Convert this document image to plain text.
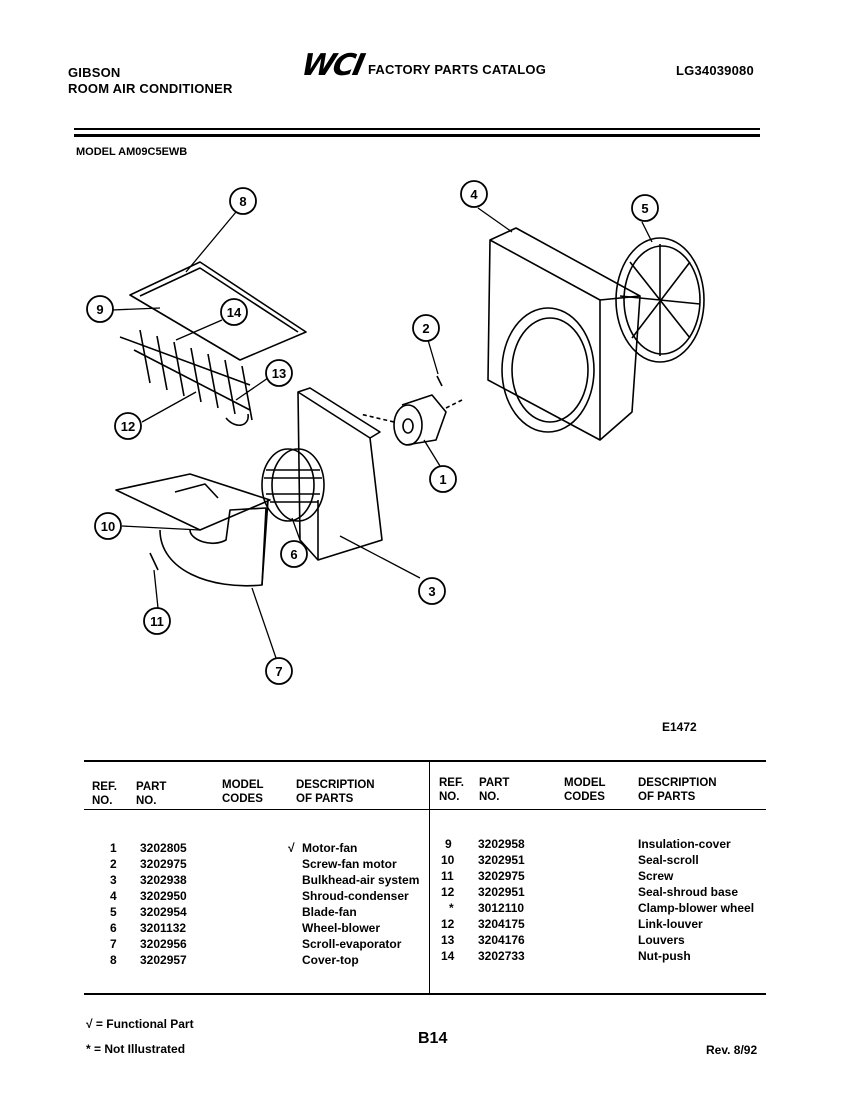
GIBSON
ROOM AIR CONDITIONER
WCI FACTORY PARTS CATALOG	LG34039080
MODEL AM09C5EWB
8
9	14
13
12
2
1
3
4
5
6
10
11
7
E1472
REF.
NO.
PART
NO.
MODEL
CODES
DESCRIPTION
OF PARTS
REF.
NO.
PART
NO.
MODEL
CODES
DESCRIPTION
OF PARTS
1 3202805	√ Motor-fan
2 3202975	Screw-fan motor
3 3202938	Bulkhead-air system
4 3202950	Shroud-condenser
5 3202954	Blade-fan
6 3201132	Wheel-blower
7 3202956	Scroll-evaporator
8 3202957	Cover-top
9 3202958	Insulation-cover
10 3202951	Seal-scroll
11 3202975	Screw
12 3202951	Seal-shroud base
* 3012110	Clamp-blower wheel
12 3204175	Link-louver
13 3204176	Louvers
14 3202733	Nut-push
√ = Functional Part
* = Not Illustrated
B14
Rev. 8/92
